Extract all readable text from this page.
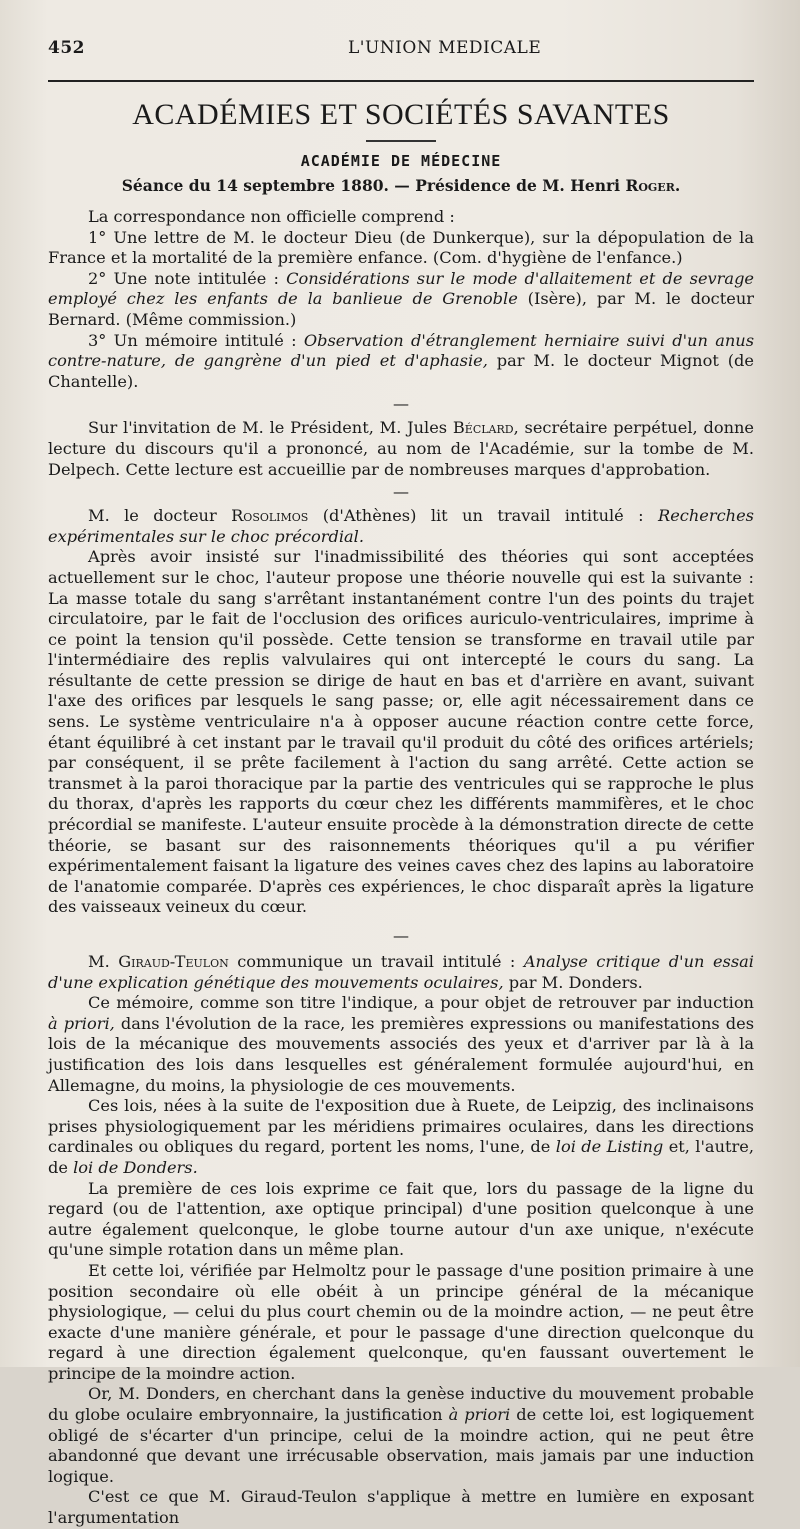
452	L'UNION MEDICALE
ACADÉMIES ET SOCIÉTÉS SAVANTES
ACADÉMIE DE MÉDECINE
Séance du 14 septembre 1880. — Présidence de M. Henri Roger.

La correspondance non officielle comprend :

1° Une lettre de M. le docteur Dieu (de Dunkerque), sur la dépopulation de la France et la mortalité de la première enfance. (Com. d'hygiène de l'enfance.)

2° Une note intitulée : Considérations sur le mode d'allaitement et de sevrage employé chez les enfants de la banlieue de Grenoble (Isère), par M. le docteur Bernard. (Même commission.)

3° Un mémoire intitulé : Observation d'étranglement herniaire suivi d'un anus contre-nature, de gangrène d'un pied et d'aphasie, par M. le docteur Mignot (de Chantelle).

—

Sur l'invitation de M. le Président, M. Jules Béclard, secrétaire perpétuel, donne lecture du discours qu'il a prononcé, au nom de l'Académie, sur la tombe de M. Delpech. Cette lecture est accueillie par de nombreuses marques d'approbation.

—

M. le docteur Rosolimos (d'Athènes) lit un travail intitulé : Recherches expérimentales sur le choc précordial.

Après avoir insisté sur l'inadmissibilité des théories qui sont acceptées actuellement sur le choc, l'auteur propose une théorie nouvelle qui est la suivante : La masse totale du sang s'arrêtant instantanément contre l'un des points du trajet circulatoire, par le fait de l'occlusion des orifices auriculo-ventriculaires, imprime à ce point la tension qu'il possède. Cette tension se transforme en travail utile par l'intermédiaire des replis valvulaires qui ont intercepté le cours du sang. La résultante de cette pression se dirige de haut en bas et d'arrière en avant, suivant l'axe des orifices par lesquels le sang passe; or, elle agit nécessairement dans ce sens. Le système ventriculaire n'a à opposer aucune réaction contre cette force, étant équilibré à cet instant par le travail qu'il produit du côté des orifices artériels; par conséquent, il se prête facilement à l'action du sang arrêté. Cette action se transmet à la paroi thoracique par la partie des ventricules qui se rapproche le plus du thorax, d'après les rapports du cœur chez les différents mammifères, et le choc précordial se manifeste. L'auteur ensuite procède à la démonstration directe de cette théorie, se basant sur des raisonnements théoriques qu'il a pu vérifier expérimentalement faisant la ligature des veines caves chez des lapins au laboratoire de l'anatomie comparée. D'après ces expériences, le choc disparaît après la ligature des vaisseaux veineux du cœur.

—

M. Giraud-Teulon communique un travail intitulé : Analyse critique d'un essai d'une explication génétique des mouvements oculaires, par M. Donders.

Ce mémoire, comme son titre l'indique, a pour objet de retrouver par induction à priori, dans l'évolution de la race, les premières expressions ou manifestations des lois de la mécanique des mouvements associés des yeux et d'arriver par là à la justification des lois dans lesquelles est généralement formulée aujourd'hui, en Allemagne, du moins, la physiologie de ces mouvements.

Ces lois, nées à la suite de l'exposition due à Ruete, de Leipzig, des inclinaisons prises physiologiquement par les méridiens primaires oculaires, dans les directions cardinales ou obliques du regard, portent les noms, l'une, de loi de Listing et, l'autre, de loi de Donders.

La première de ces lois exprime ce fait que, lors du passage de la ligne du regard (ou de l'attention, axe optique principal) d'une position quelconque à une autre également quelconque, le globe tourne autour d'un axe unique, n'exécute qu'une simple rotation dans un même plan.

Et cette loi, vérifiée par Helmoltz pour le passage d'une position primaire à une position secondaire où elle obéit à un principe général de la mécanique physiologique, — celui du plus court chemin ou de la moindre action, — ne peut être exacte d'une manière générale, et pour le passage d'une direction quelconque du regard à une direction également quelconque, qu'en faussant ouvertement le principe de la moindre action.

Or, M. Donders, en cherchant dans la genèse inductive du mouvement probable du globe oculaire embryonnaire, la justification à priori de cette loi, est logiquement obligé de s'écarter d'un principe, celui de la moindre action, qui ne peut être abandonné que devant une irrécusable observation, mais jamais par une induction logique.

C'est ce que M. Giraud-Teulon s'applique à mettre en lumière en exposant l'argumentation
